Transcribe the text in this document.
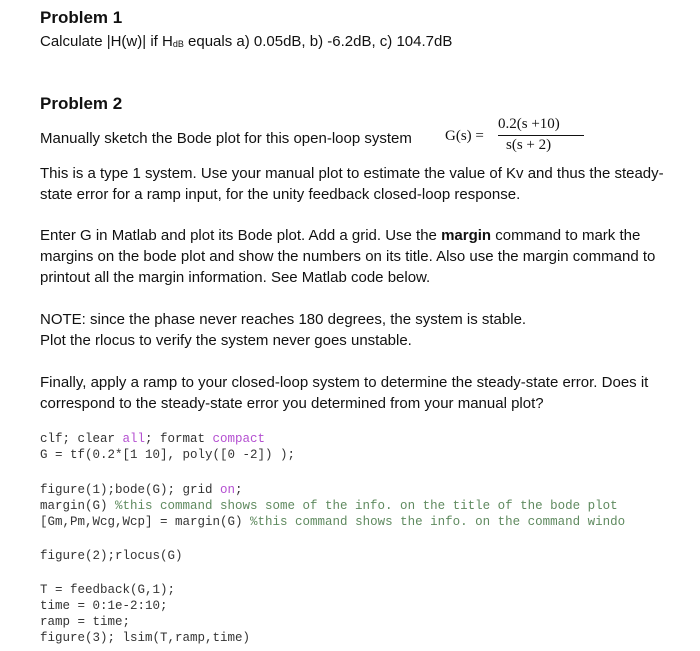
Problem 1
Calculate |H(w)| if HdB equals a) 0.05dB, b) -6.2dB, c) 104.7dB
Problem 2
Manually sketch the Bode plot for this open-loop system G(s) =
0.2(s +10)
s(s + 2)
This is a type 1 system. Use your manual plot to estimate the value of Kv and thus the steady-
state error for a ramp input, for the unity feedback closed-loop response.
Enter G in Matlab and plot its Bode plot. Add a grid. Use the margin command to mark the
margins on the bode plot and show the numbers on its title. Also use the margin command to
printout all the margin information. See Matlab code below.
NOTE: since the phase never reaches 180 degrees, the system is stable.
Plot the rlocus to verify the system never goes unstable.
Finally, apply a ramp to your closed-loop system to determine the steady-state error. Does it
correspond to the steady-state error you determined from your manual plot?
clf; clear all; format compact
G = tf(0.2*[1 10], poly([0 -2]) );
figure(1);bode(G); grid on;
margin(G) %this command shows some of the info. on the title of the bode plot
[Gm,Pm,Wcg,Wcp] = margin(G) %this command shows the info. on the command windo
figure(2);rlocus(G)
T = feedback(G,1);
time = 0:1e-2:10;
ramp = time;
figure(3); lsim(T,ramp,time)
